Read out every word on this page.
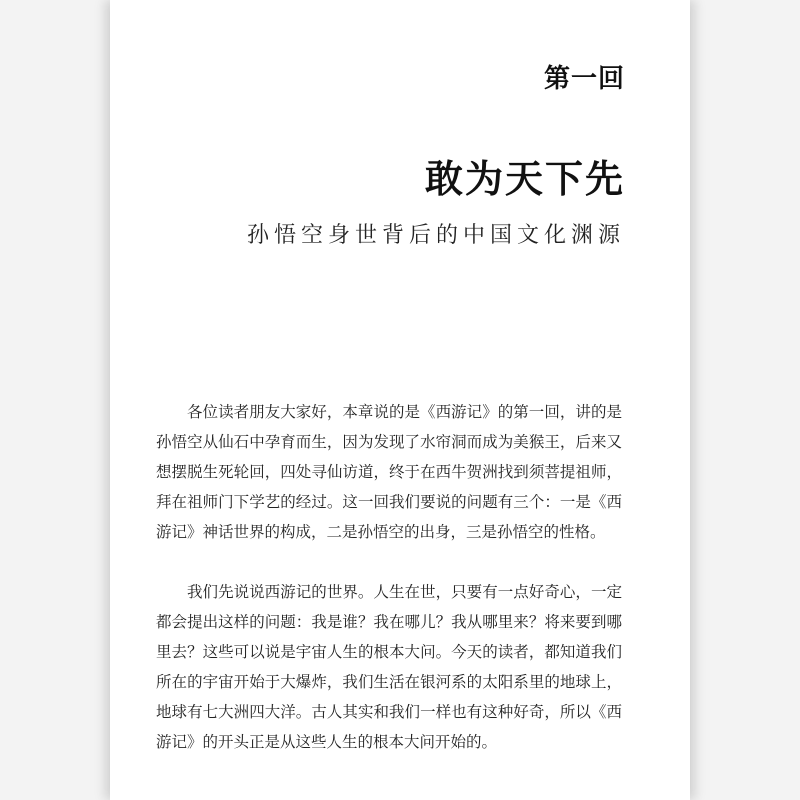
第一回
敢为天下先
孙悟空身世背后的中国文化渊源

各位读者朋友大家好，本章说的是《西游记》的第一回，讲的是孙悟空从仙石中孕育而生，因为发现了水帘洞而成为美猴王，后来又想摆脱生死轮回，四处寻仙访道，终于在西牛贺洲找到须菩提祖师，拜在祖师门下学艺的经过。这一回我们要说的问题有三个：一是《西游记》神话世界的构成，二是孙悟空的出身，三是孙悟空的性格。

我们先说说西游记的世界。人生在世，只要有一点好奇心，一定都会提出这样的问题：我是谁？我在哪儿？我从哪里来？将来要到哪里去？这些可以说是宇宙人生的根本大问。今天的读者，都知道我们所在的宇宙开始于大爆炸，我们生活在银河系的太阳系里的地球上，地球有七大洲四大洋。古人其实和我们一样也有这种好奇，所以《西游记》的开头正是从这些人生的根本大问开始的。
